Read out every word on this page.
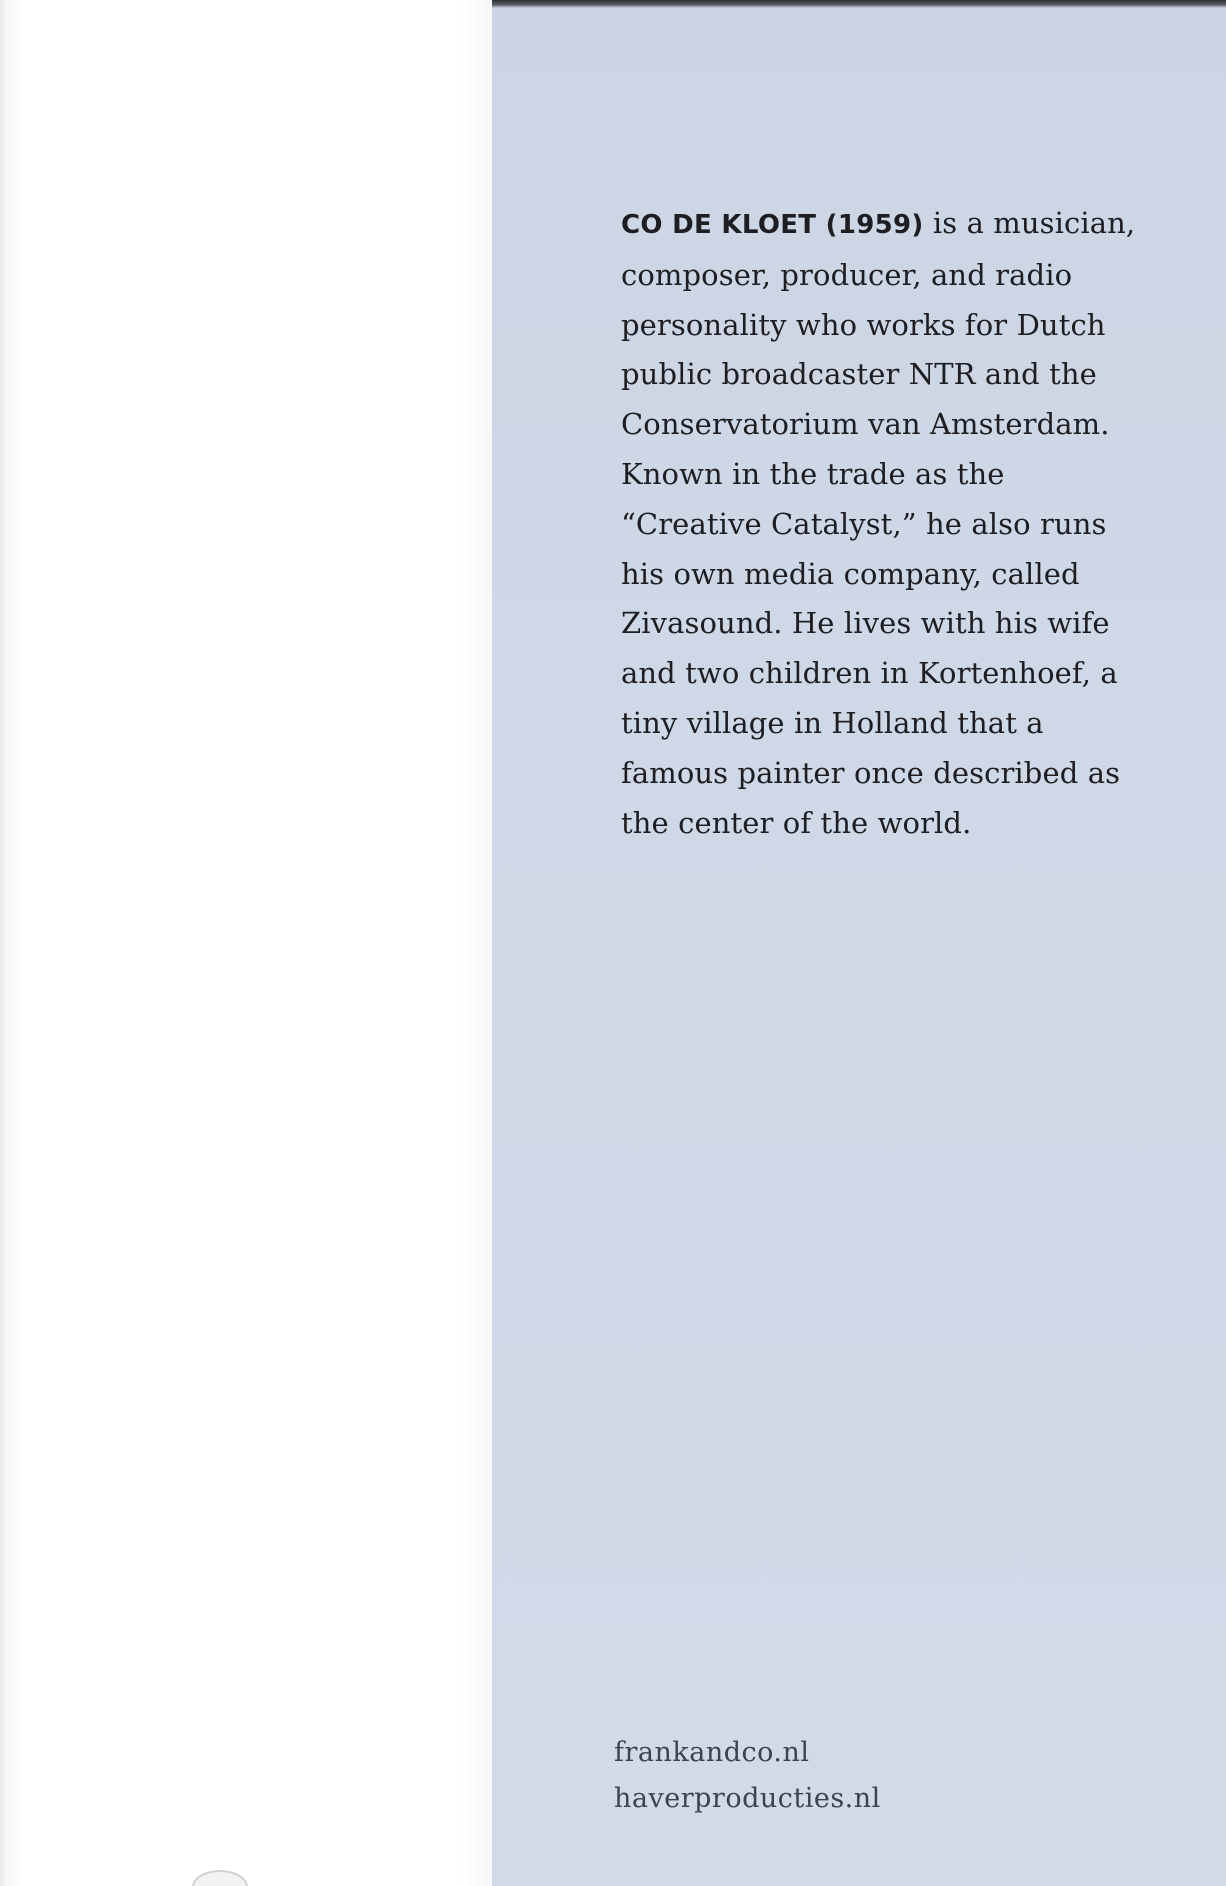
CO DE KLOET (1959) is a musician, composer, producer, and radio personality who works for Dutch public broadcaster NTR and the Conservatorium van Amsterdam. Known in the trade as the “Creative Catalyst,” he also runs his own media company, called Zivasound. He lives with his wife and two children in Kortenhoef, a tiny village in Holland that a famous painter once described as the center of the world.

frankandco.nl
haverproducties.nl
